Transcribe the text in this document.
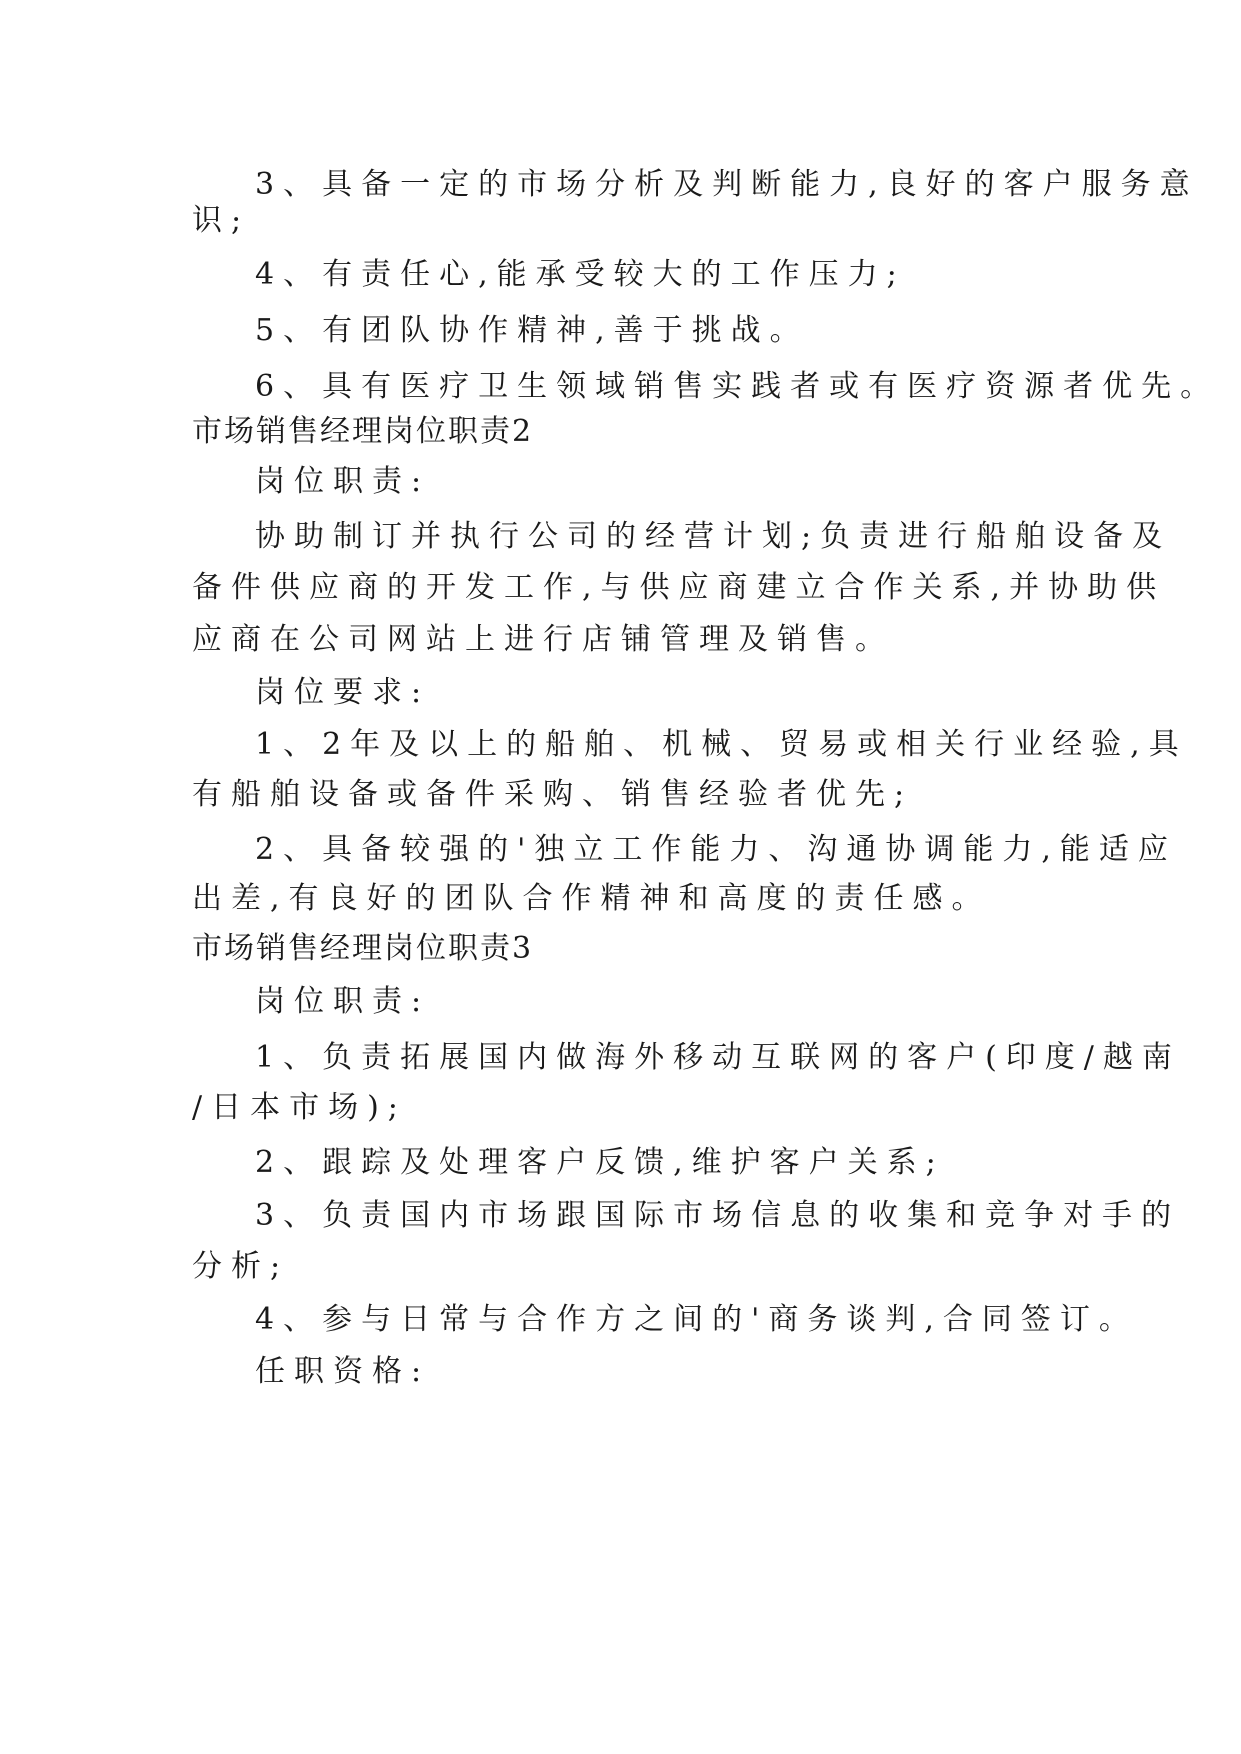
3、具备一定的市场分析及判断能力,良好的客户服务意
识;
4、有责任心,能承受较大的工作压力;
5、有团队协作精神,善于挑战。
6、具有医疗卫生领域销售实践者或有医疗资源者优先。
市场销售经理岗位职责2
岗位职责:
协助制订并执行公司的经营计划;负责进行船舶设备及
备件供应商的开发工作,与供应商建立合作关系,并协助供
应商在公司网站上进行店铺管理及销售。
岗位要求:
1、2年及以上的船舶、机械、贸易或相关行业经验,具
有船舶设备或备件采购、销售经验者优先;
2、具备较强的'独立工作能力、沟通协调能力,能适应
出差,有良好的团队合作精神和高度的责任感。
市场销售经理岗位职责3
岗位职责:
1、负责拓展国内做海外移动互联网的客户(印度/越南
/日本市场);
2、跟踪及处理客户反馈,维护客户关系;
3、负责国内市场跟国际市场信息的收集和竞争对手的
分析;
4、参与日常与合作方之间的'商务谈判,合同签订。
任职资格:
